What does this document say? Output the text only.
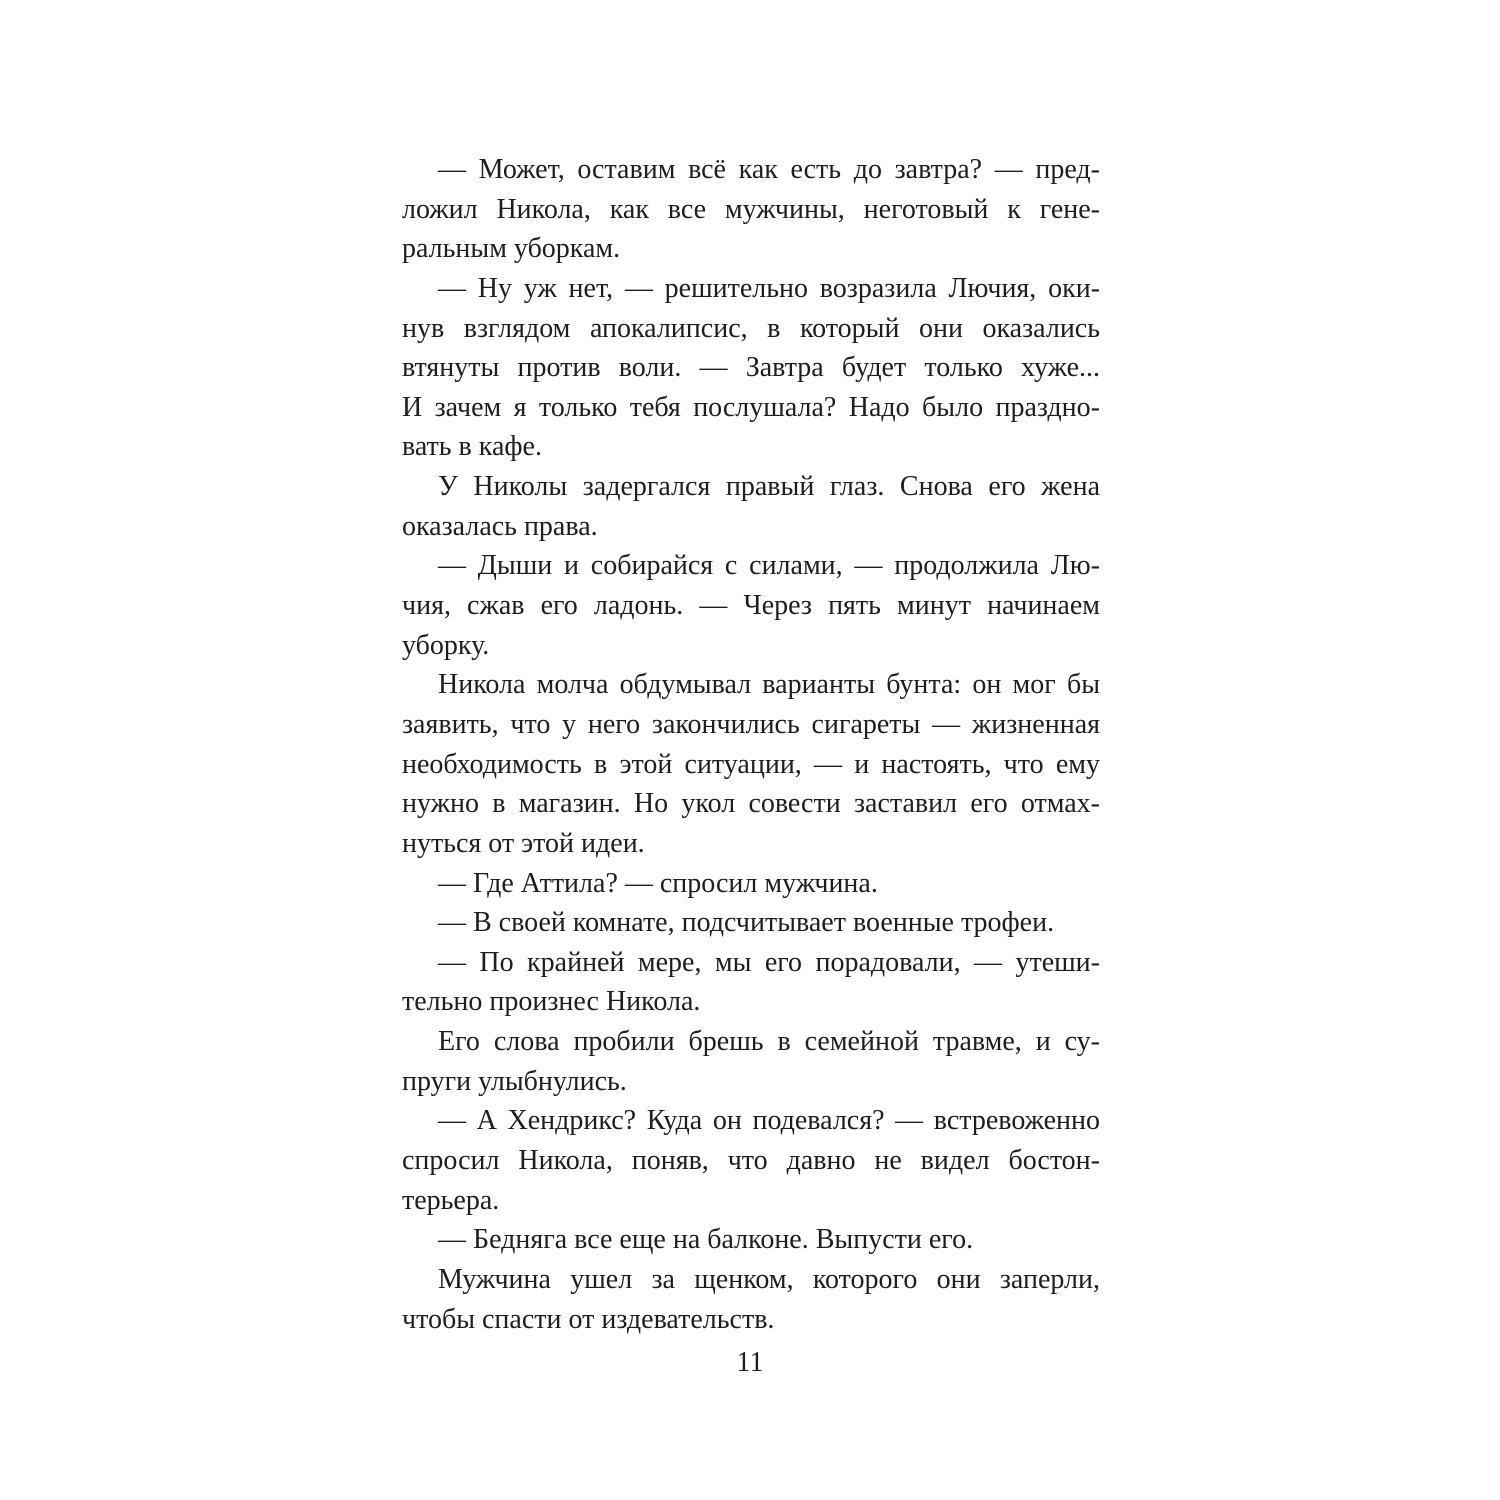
— Может, оставим всё как есть до завтра? — пред-
ложил Никола, как все мужчины, неготовый к гене-
ральным уборкам.
— Ну уж нет, — решительно возразила Лючия, оки-
нув взглядом апокалипсис, в который они оказались
втянуты против воли. — Завтра будет только хуже...
И зачем я только тебя послушала? Надо было праздно-
вать в кафе.
У Николы задергался правый глаз. Снова его жена
оказалась права.
— Дыши и собирайся с силами, — продолжила Лю-
чия, сжав его ладонь. — Через пять минут начинаем
уборку.
Никола молча обдумывал варианты бунта: он мог бы
заявить, что у него закончились сигареты — жизненная
необходимость в этой ситуации, — и настоять, что ему
нужно в магазин. Но укол совести заставил его отмах-
нуться от этой идеи.
— Где Аттила? — спросил мужчина.
— В своей комнате, подсчитывает военные трофеи.
— По крайней мере, мы его порадовали, — утеши-
тельно произнес Никола.
Его слова пробили брешь в семейной травме, и су-
пруги улыбнулись.
— А Хендрикс? Куда он подевался? — встревоженно
спросил Никола, поняв, что давно не видел бостон-
терьера.
— Бедняга все еще на балконе. Выпусти его.
Мужчина ушел за щенком, которого они заперли,
чтобы спасти от издевательств.
11
